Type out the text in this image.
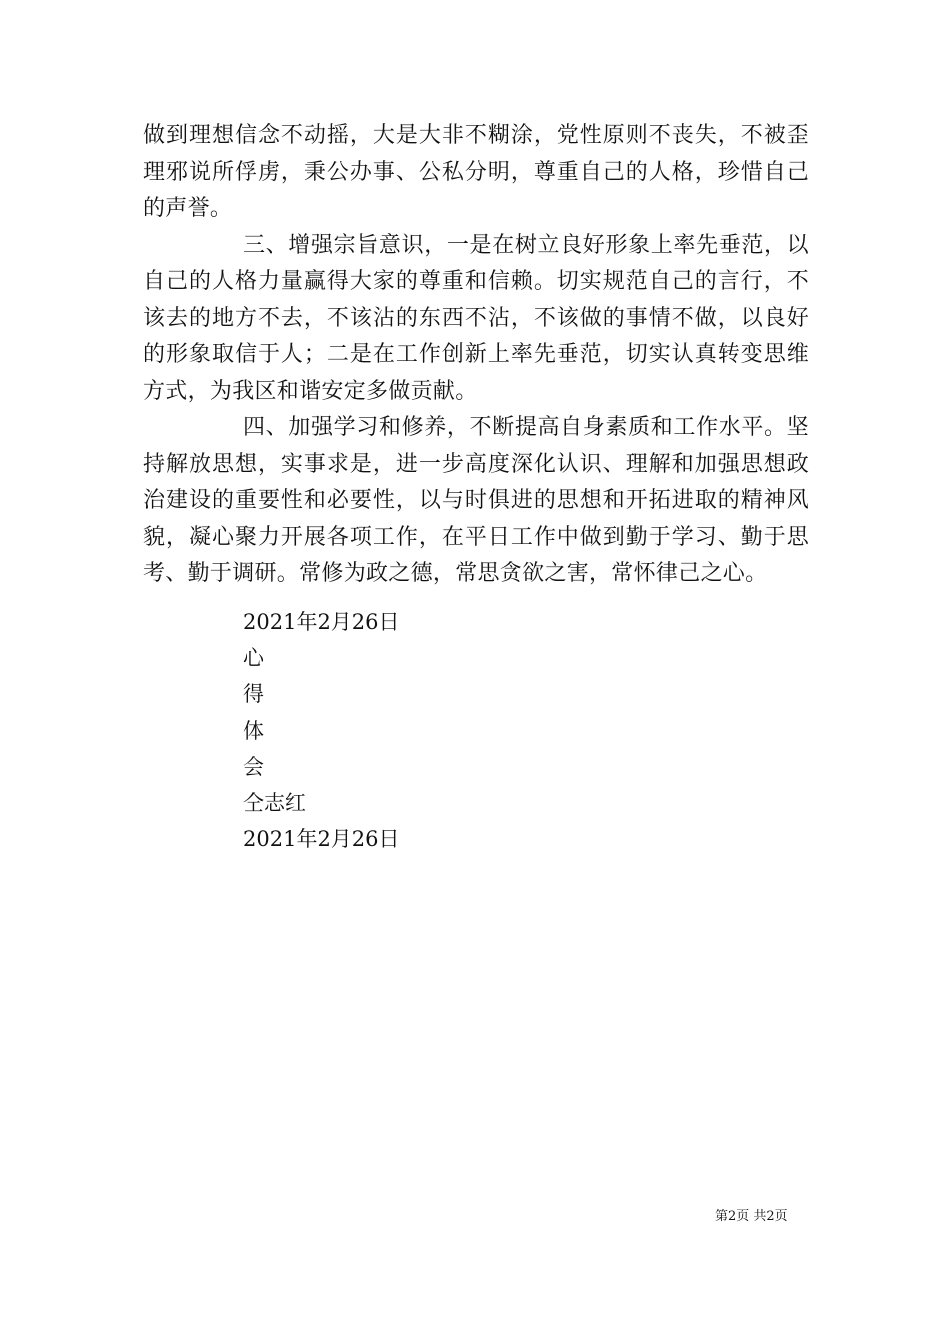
做到理想信念不动摇，大是大非不糊涂，党性原则不丧失，不被歪理邪说所俘虏，秉公办事、公私分明，尊重自己的人格，珍惜自己的声誉。

三、增强宗旨意识，一是在树立良好形象上率先垂范，以自己的人格力量赢得大家的尊重和信赖。切实规范自己的言行，不该去的地方不去，不该沾的东西不沾，不该做的事情不做，以良好的形象取信于人；二是在工作创新上率先垂范，切实认真转变思维方式，为我区和谐安定多做贡献。

四、加强学习和修养，不断提高自身素质和工作水平。坚持解放思想，实事求是，进一步高度深化认识、理解和加强思想政治建设的重要性和必要性，以与时俱进的思想和开拓进取的精神风貌，凝心聚力开展各项工作，在平日工作中做到勤于学习、勤于思考、勤于调研。常修为政之德，常思贪欲之害，常怀律己之心。

2021年2月26日
心
得
体
会
仝志红
2021年2月26日
第2页 共2页
